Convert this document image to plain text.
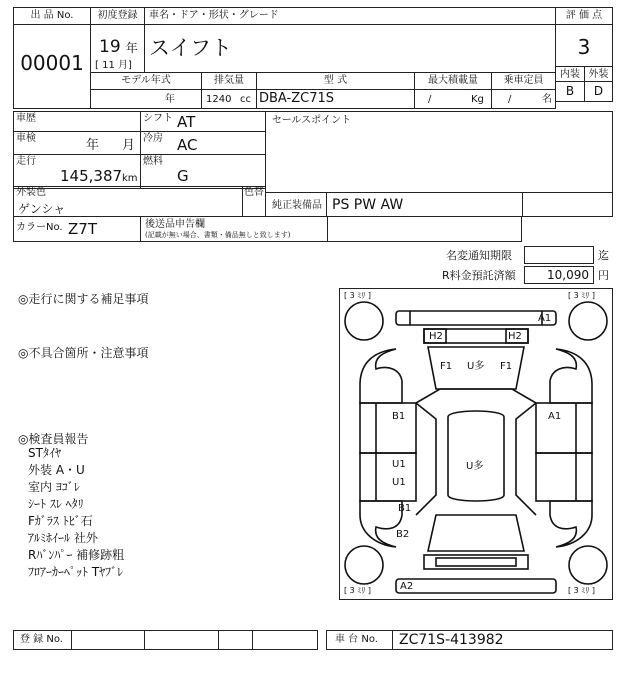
出 品 No.
00001
初度登録
19 年
[ 11 月]
車名・ドア・形状・グレード
スイフト
評 価 点
3
内装 外装
B	D
モデル年式	排気量	型 式	最大積載量	乗車定員
年	1240 cc DBA-ZC71S	/	Kg /	名
車歴	シフト AT
車検	年 月 冷房 AC
走行
145,387 km
燃料
G
セールスポイント
外装色
ゲンシャ
色替
純正装備品 PS PW AW
カラーNo. Z7T	後送品申告欄
(記載が無い場合、書類・備品無しと致します)
名変通知期限	迄
R料金預託済額	10,090 円
◎走行に関する補足事項
◎不具合箇所・注意事項
◎検査員報告
STﾀｲﾔ
外装 A・U
室内 ﾖｺﾞﾚ
ｼｰﾄ ｽﾚ ﾍﾀﾘ
Fｶﾞﾗｽ ﾄﾋﾞ石
ｱﾙﾐﾎｲｰﾙ 社外
Rﾊﾞﾝﾊﾟｰ 補修跡粗
ﾌﾛｱｰｶｰﾍﾟｯﾄ Tﾔﾌﾞﾚ
[ 3 ﾐﾘ ]	[ 3 ﾐﾘ ]
[ 3 ﾐﾘ ]	[ 3 ﾐﾘ ]
A1
H2	H2
F1 U多 F1
B1	A1
U1
U1
U多
B1
B2
A2
登 録 No.	車 台 No. ZC71S-413982
